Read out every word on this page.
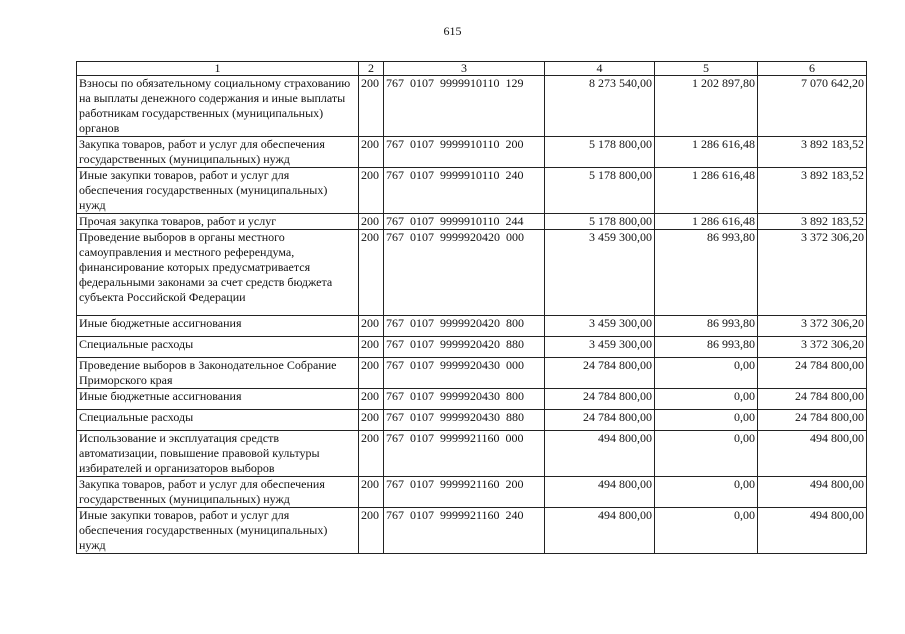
615
1	2	3	4	5	6
Взносы по обязательному социальному страхованию на выплаты денежного содержания и иные выплаты работникам государственных (муниципальных) органов	200	767  0107  9999910110  129	8 273 540,00	1 202 897,80	7 070 642,20
Закупка товаров, работ и услуг для обеспечения государственных (муниципальных) нужд	200	767  0107  9999910110  200	5 178 800,00	1 286 616,48	3 892 183,52
Иные закупки товаров, работ и услуг для обеспечения государственных (муниципальных) нужд	200	767  0107  9999910110  240	5 178 800,00	1 286 616,48	3 892 183,52
Прочая закупка товаров, работ и услуг	200	767  0107  9999910110  244	5 178 800,00	1 286 616,48	3 892 183,52
Проведение выборов в органы местного самоуправления и местного референдума, финансирование которых предусматривается федеральными законами за счет средств бюджета субъекта Российской Федерации	200	767  0107  9999920420  000	3 459 300,00	86 993,80	3 372 306,20
Иные бюджетные ассигнования	200	767  0107  9999920420  800	3 459 300,00	86 993,80	3 372 306,20
Специальные расходы	200	767  0107  9999920420  880	3 459 300,00	86 993,80	3 372 306,20
Проведение выборов в Законодательное Собрание Приморского края	200	767  0107  9999920430  000	24 784 800,00	0,00	24 784 800,00
Иные бюджетные ассигнования	200	767  0107  9999920430  800	24 784 800,00	0,00	24 784 800,00
Специальные расходы	200	767  0107  9999920430  880	24 784 800,00	0,00	24 784 800,00
Использование и эксплуатация средств автоматизации, повышение правовой культуры избирателей и организаторов выборов	200	767  0107  9999921160  000	494 800,00	0,00	494 800,00
Закупка товаров, работ и услуг для обеспечения государственных (муниципальных) нужд	200	767  0107  9999921160  200	494 800,00	0,00	494 800,00
Иные закупки товаров, работ и услуг для обеспечения государственных (муниципальных) нужд	200	767  0107  9999921160  240	494 800,00	0,00	494 800,00
